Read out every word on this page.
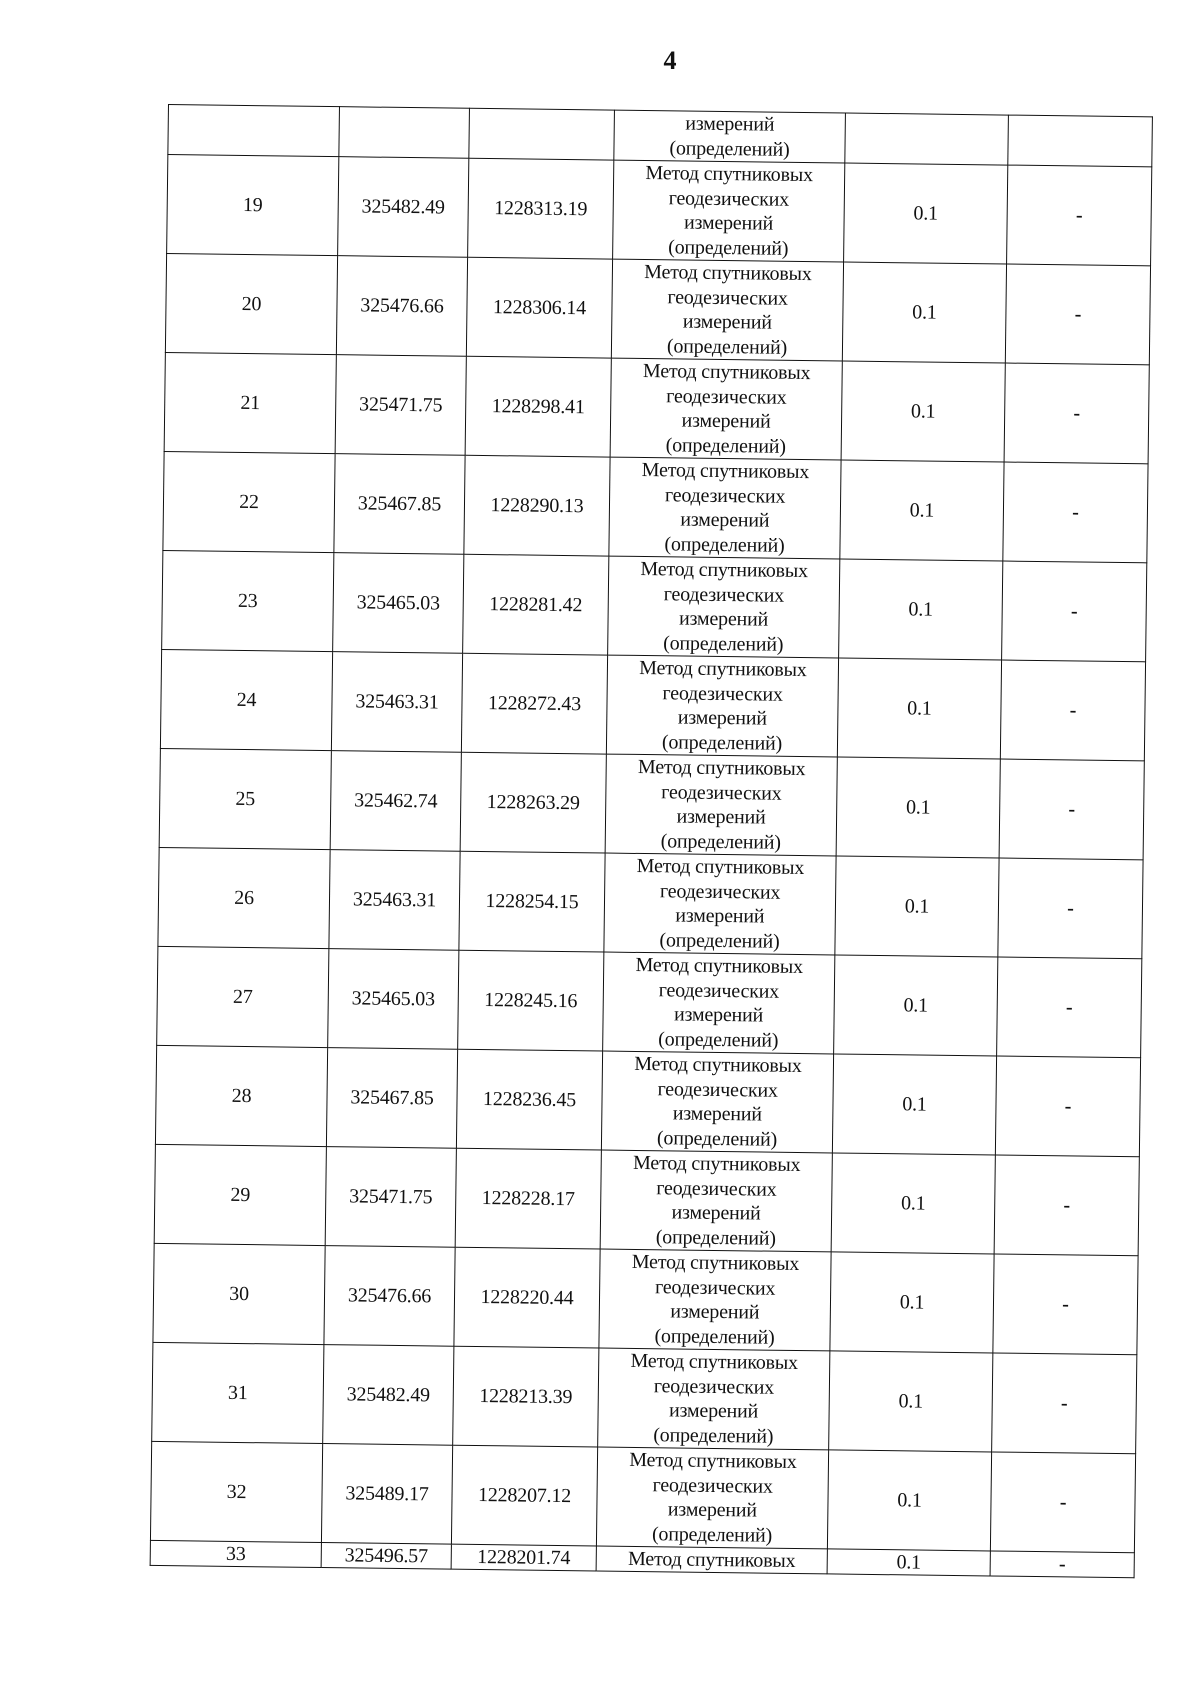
4

			измерений
(определений)		

19	325482.49	1228313.19	Метод спутниковых
геодезических
измерений
(определений)	0.1	-
20	325476.66	1228306.14	Метод спутниковых
геодезических
измерений
(определений)	0.1	-
21	325471.75	1228298.41	Метод спутниковых
геодезических
измерений
(определений)	0.1	-
22	325467.85	1228290.13	Метод спутниковых
геодезических
измерений
(определений)	0.1	-
23	325465.03	1228281.42	Метод спутниковых
геодезических
измерений
(определений)	0.1	-
24	325463.31	1228272.43	Метод спутниковых
геодезических
измерений
(определений)	0.1	-
25	325462.74	1228263.29	Метод спутниковых
геодезических
измерений
(определений)	0.1	-
26	325463.31	1228254.15	Метод спутниковых
геодезических
измерений
(определений)	0.1	-
27	325465.03	1228245.16	Метод спутниковых
геодезических
измерений
(определений)	0.1	-
28	325467.85	1228236.45	Метод спутниковых
геодезических
измерений
(определений)	0.1	-
29	325471.75	1228228.17	Метод спутниковых
геодезических
измерений
(определений)	0.1	-
30	325476.66	1228220.44	Метод спутниковых
геодезических
измерений
(определений)	0.1	-
31	325482.49	1228213.39	Метод спутниковых
геодезических
измерений
(определений)	0.1	-
32	325489.17	1228207.12	Метод спутниковых
геодезических
измерений
(определений)	0.1	-
33	325496.57	1228201.74	Метод спутниковых	0.1	-
